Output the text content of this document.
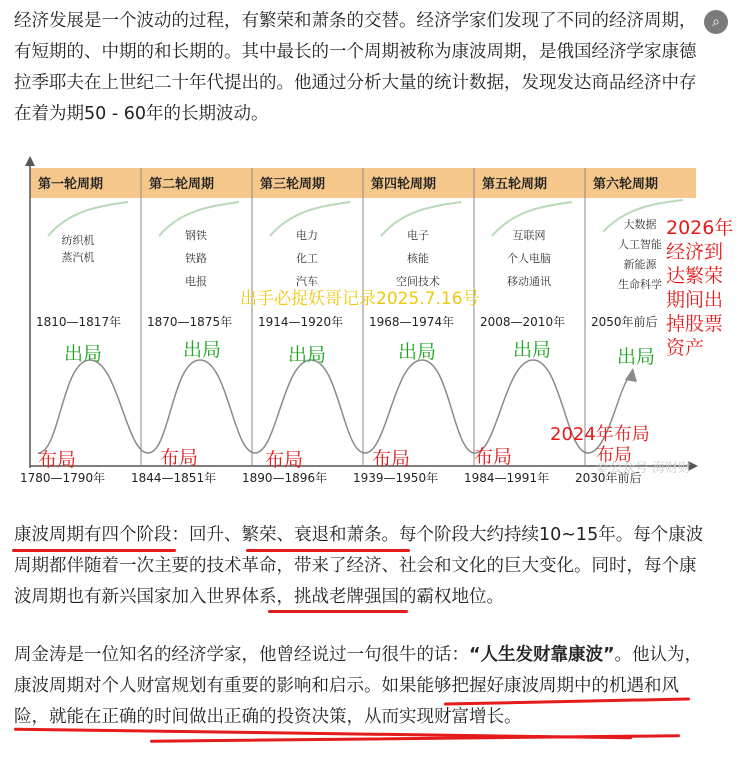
经济发展是一个波动的过程，有繁荣和萧条的交替。经济学家们发现了不同的经济周期，有短期的、中期的和长期的。其中最长的一个周期被称为康波周期，是俄国经济学家康德拉季耶夫在上世纪二十年代提出的。他通过分析大量的统计数据，发现发达商品经济中存在着为期50 - 60年的长期波动。

⌕
第一轮周期
纺织机
蒸汽机
1810—1817年
1780—1790年
第二轮周期
钢铁
铁路
电报
1870—1875年
1844—1851年
第三轮周期
电力
化工
汽车
1914—1920年
1890—1896年
第四轮周期
电子
核能
空间技术
1968—1974年
1939—1950年
第五轮周期
互联网
个人电脑
移动通讯
2008—2010年
1984—1991年
第六轮周期
大数据
人工智能
新能源
生命科学
2050年前后
2030年前后
出局	出局	出局	出局	出局	出局
布局	布局	布局	布局	布局
出手必捉妖哥记录2025.7.16号
2026年
经济到
达繁荣
期间出
掉股票
资产
2024年布局
布局
©公众号·海财财

康波周期有四个阶段：回升、繁荣、衰退和萧条。每个阶段大约持续10~15年。每个康波周期都伴随着一次主要的技术革命，带来了经济、社会和文化的巨大变化。同时，每个康波周期也有新兴国家加入世界体系，挑战老牌强国的霸权地位。

周金涛是一位知名的经济学家，他曾经说过一句很牛的话：“人生发财靠康波”。他认为，康波周期对个人财富规划有重要的影响和启示。如果能够把握好康波周期中的机遇和风险，就能在正确的时间做出正确的投资决策，从而实现财富增长。
